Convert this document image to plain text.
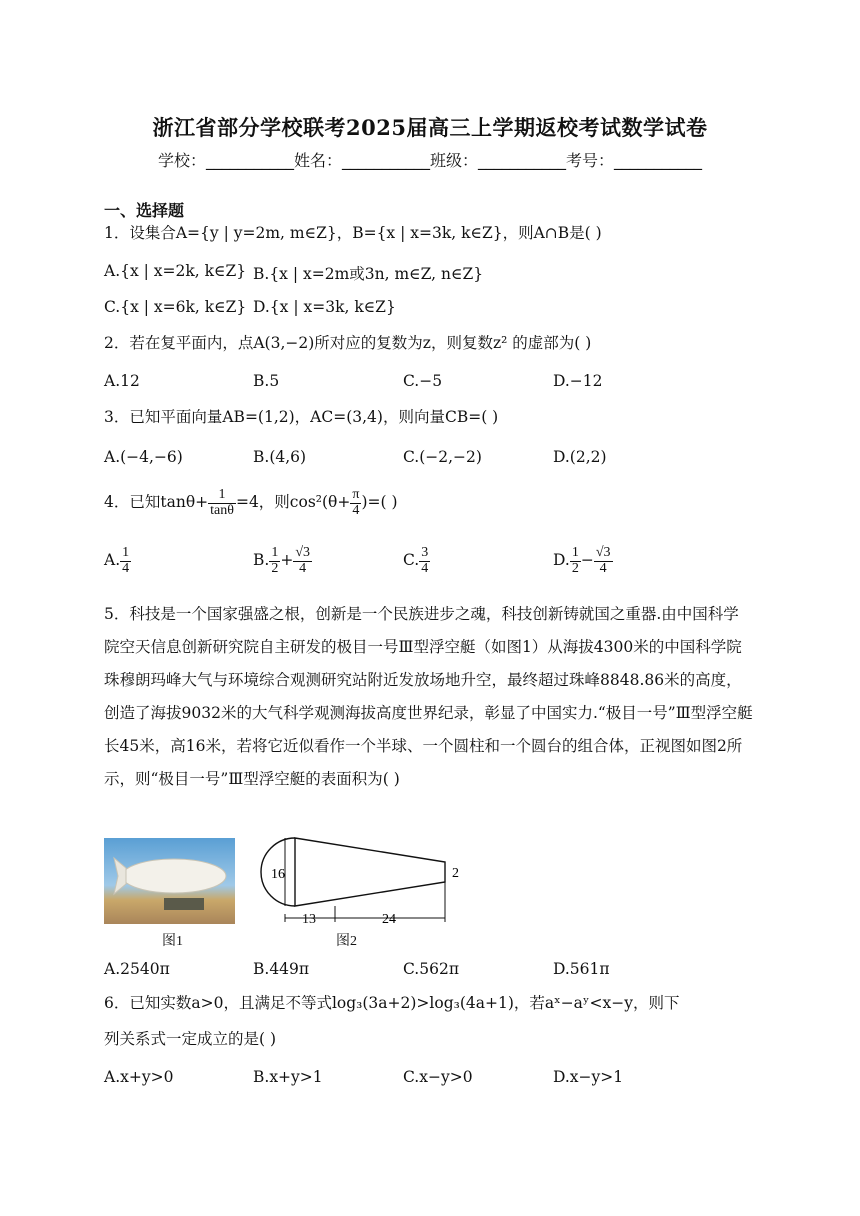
浙江省部分学校联考2025届高三上学期返校考试数学试卷
学校：___________姓名：___________班级：___________考号：___________
一、选择题
1．设集合A={y | y=2m, m∈Z}，B={x | x=3k, k∈Z}，则A∩B是( )
A.{x | x=2k, k∈Z} B.{x | x=2m或3n, m∈Z, n∈Z}
C.{x | x=6k, k∈Z} D.{x | x=3k, k∈Z}
2．若在复平面内，点A(3,−2)所对应的复数为z，则复数z² 的虚部为( )
A.12	B.5	C.−5	D.−12
3．已知平面向量AB=(1,2)，AC=(3,4)，则向量CB=( )
A.(−4,−6)	B.(4,6)	C.(−2,−2)	D.(2,2)
4．已知$\tan\theta+ \frac{1}{\tan\theta} =4$，则$\cos^2(\theta+ \frac{\pi}{4}$ )=( )
A. $\frac{1}{4}$	B. $\frac{1}{2} + \frac{√3}{4}$	C. $\frac{3}{4}$	D. $\frac{1}{2} - \frac{√3}{4}$
5．科技是一个国家强盛之根，创新是一个民族进步之魂，科技创新铸就国之重器.由中国科学院空天信息创新研究院自主研发的极目一号Ⅲ型浮空艇（如图1）从海拔4300米的中国科学院珠穆朗玛峰大气与环境综合观测研究站附近发放场地升空，最终超过珠峰8848.86米的高度，创造了海拔9032米的大气科学观测海拔高度世界纪录，彰显了中国实力.“极目一号”Ⅲ型浮空艇长45米，高16米，若将它近似看作一个半球、一个圆柱和一个圆台的组合体，正视图如图2所示，则“极目一号”Ⅲ型浮空艇的表面积为( )
图1
16	2
13	24
图2
A.2540π	B.449π	C.562π	D.561π
6．已知实数a>0，且满足不等式log₃(3a+2)>log₃(4a+1)，若aˣ−aʸ<x−y，则下
列关系式一定成立的是( )
A.x+y>0	B.x+y>1	C.x−y>0	D.x−y>1
